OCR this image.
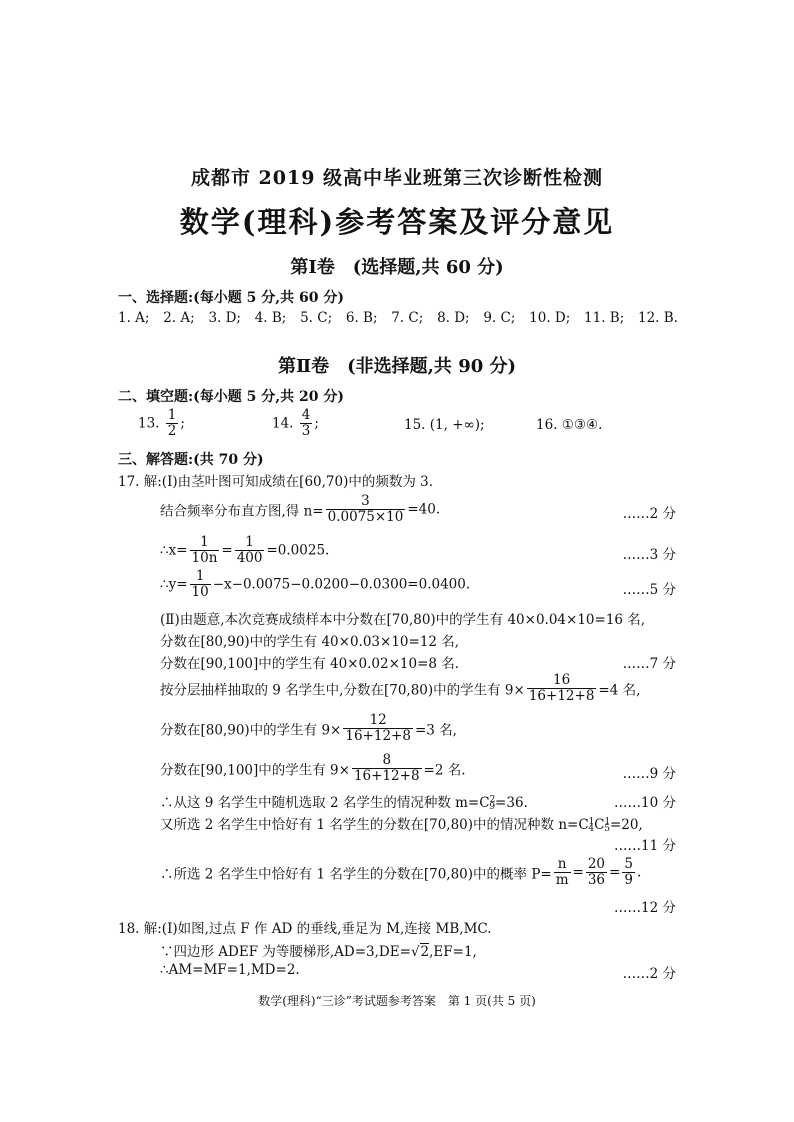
成都市 2019 级高中毕业班第三次诊断性检测
数学(理科)参考答案及评分意见
第Ⅰ卷　(选择题,共 60 分)
一、选择题:(每小题 5 分,共 60 分)
1. A; 2. A; 3. D; 4. B; 5. C; 6. B; 7. C; 8. D; 9. C; 10. D; 11. B; 12. B.
第Ⅱ卷　(非选择题,共 90 分)
二、填空题:(每小题 5 分,共 20 分)
13. $\frac{1}{2}$ ;	14. $\frac{4}{3}$ ;	15. (1, +∞);	16. ①③④.
三、解答题:(共 70 分)
17. 解:(Ⅰ)由茎叶图可知成绩在[60,70)中的频数为 3.
结合频率分布直方图,得 $n= \frac{3}{0.0075\times 10} =40$.	……2 分
∴x= $\frac{1}{10n} = \frac{1}{400} =0.0025$.	……3 分
∴y= $\frac{1}{10} -x-0.0075-0.0200-0.0300=0.0400$.	……5 分
(Ⅱ)由题意,本次竞赛成绩样本中分数在[70,80)中的学生有 40×0.04×10=16 名,
分数在[80,90)中的学生有 40×0.03×10=12 名,
分数在[90,100]中的学生有 40×0.02×10=8 名.	……7 分
按分层抽样抽取的 9 名学生中,分数在[70,80)中的学生有 $9\times \frac{16}{16+12+8} =4$ 名,
分数在[80,90)中的学生有 $9\times \frac{12}{16+12+8} =3$ 名,
分数在[90,100]中的学生有 $9\times \frac{8}{16+12+8} =2$ 名.	……9 分
∴从这 9 名学生中随机选取 2 名学生的情况种数 $m=C^2_9=36$.	……10 分
又所选 2 名学生中恰好有 1 名学生的分数在[70,80)中的情况种数 $n=C^1_4C^1_5=20$,
……11 分
∴所选 2 名学生中恰好有 1 名学生的分数在[70,80)中的概率 $P= \frac{n}{m} = \frac{20}{36} = \frac{5}{9}$ .
……12 分
18. 解:(Ⅰ)如图,过点 F 作 AD 的垂线,垂足为 M,连接 MB,MC.
∵四边形 ADEF 为等腰梯形,AD=3,DE=√2,EF=1,
∴AM=MF=1,MD=2.	……2 分
数学(理科)“三诊”考试题参考答案　第 1 页(共 5 页)
